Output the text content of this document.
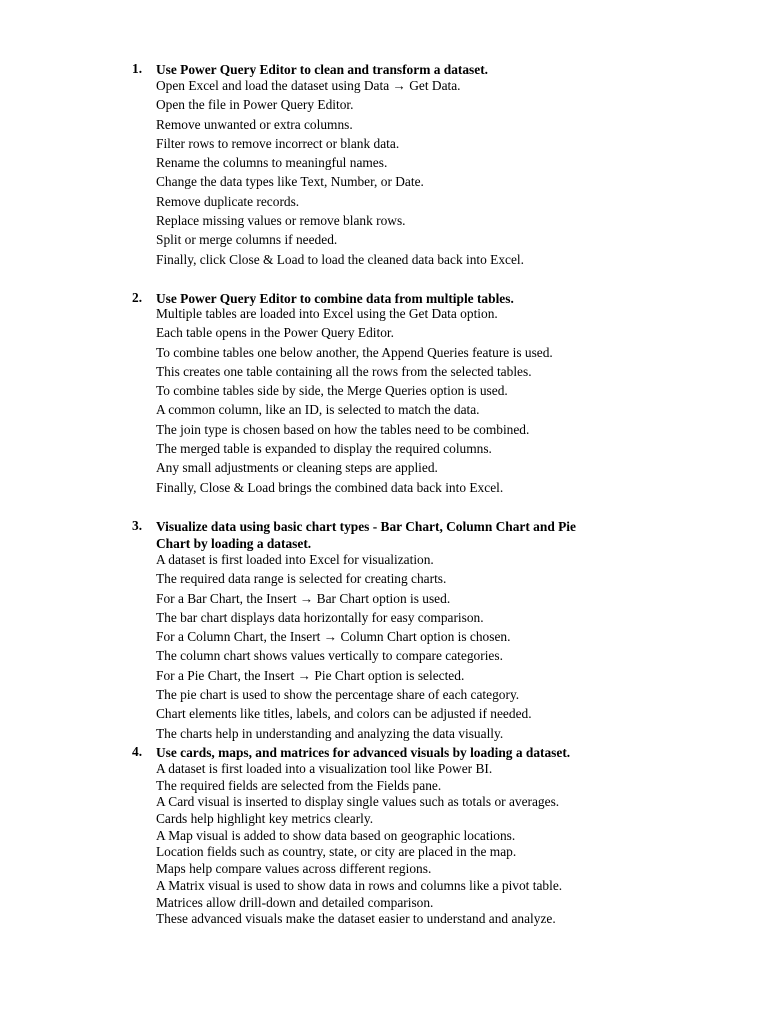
1. Use Power Query Editor to clean and transform a dataset.
Open Excel and load the dataset using Data → Get Data.
Open the file in Power Query Editor.
Remove unwanted or extra columns.
Filter rows to remove incorrect or blank data.
Rename the columns to meaningful names.
Change the data types like Text, Number, or Date.
Remove duplicate records.
Replace missing values or remove blank rows.
Split or merge columns if needed.
Finally, click Close & Load to load the cleaned data back into Excel.
2. Use Power Query Editor to combine data from multiple tables.
Multiple tables are loaded into Excel using the Get Data option.
Each table opens in the Power Query Editor.
To combine tables one below another, the Append Queries feature is used.
This creates one table containing all the rows from the selected tables.
To combine tables side by side, the Merge Queries option is used.
A common column, like an ID, is selected to match the data.
The join type is chosen based on how the tables need to be combined.
The merged table is expanded to display the required columns.
Any small adjustments or cleaning steps are applied.
Finally, Close & Load brings the combined data back into Excel.
3. Visualize data using basic chart types - Bar Chart, Column Chart and Pie
Chart by loading a dataset.
A dataset is first loaded into Excel for visualization.
The required data range is selected for creating charts.
For a Bar Chart, the Insert → Bar Chart option is used.
The bar chart displays data horizontally for easy comparison.
For a Column Chart, the Insert → Column Chart option is chosen.
The column chart shows values vertically to compare categories.
For a Pie Chart, the Insert → Pie Chart option is selected.
The pie chart is used to show the percentage share of each category.
Chart elements like titles, labels, and colors can be adjusted if needed.
The charts help in understanding and analyzing the data visually.
4. Use cards, maps, and matrices for advanced visuals by loading a dataset.
A dataset is first loaded into a visualization tool like Power BI.
The required fields are selected from the Fields pane.
A Card visual is inserted to display single values such as totals or averages.
Cards help highlight key metrics clearly.
A Map visual is added to show data based on geographic locations.
Location fields such as country, state, or city are placed in the map.
Maps help compare values across different regions.
A Matrix visual is used to show data in rows and columns like a pivot table.
Matrices allow drill-down and detailed comparison.
These advanced visuals make the dataset easier to understand and analyze.
